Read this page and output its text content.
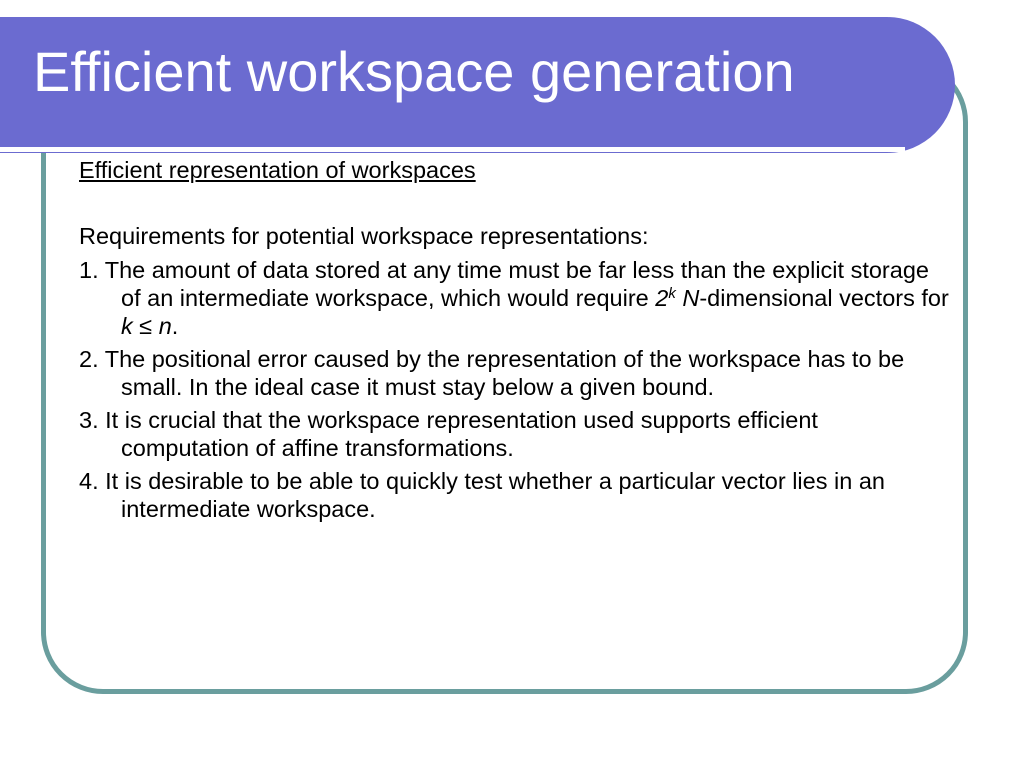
Efficient workspace generation

Efficient representation of workspaces

Requirements for potential workspace representations:

1. The amount of data stored at any time must be far less than the explicit storage of an intermediate workspace, which would require 2$^k$ N-dimensional vectors for k ≤ n.
2. The positional error caused by the representation of the workspace has to be small. In the ideal case it must stay below a given bound.
3. It is crucial that the workspace representation used supports efficient computation of affine transformations.
4. It is desirable to be able to quickly test whether a particular vector lies in an intermediate workspace.
